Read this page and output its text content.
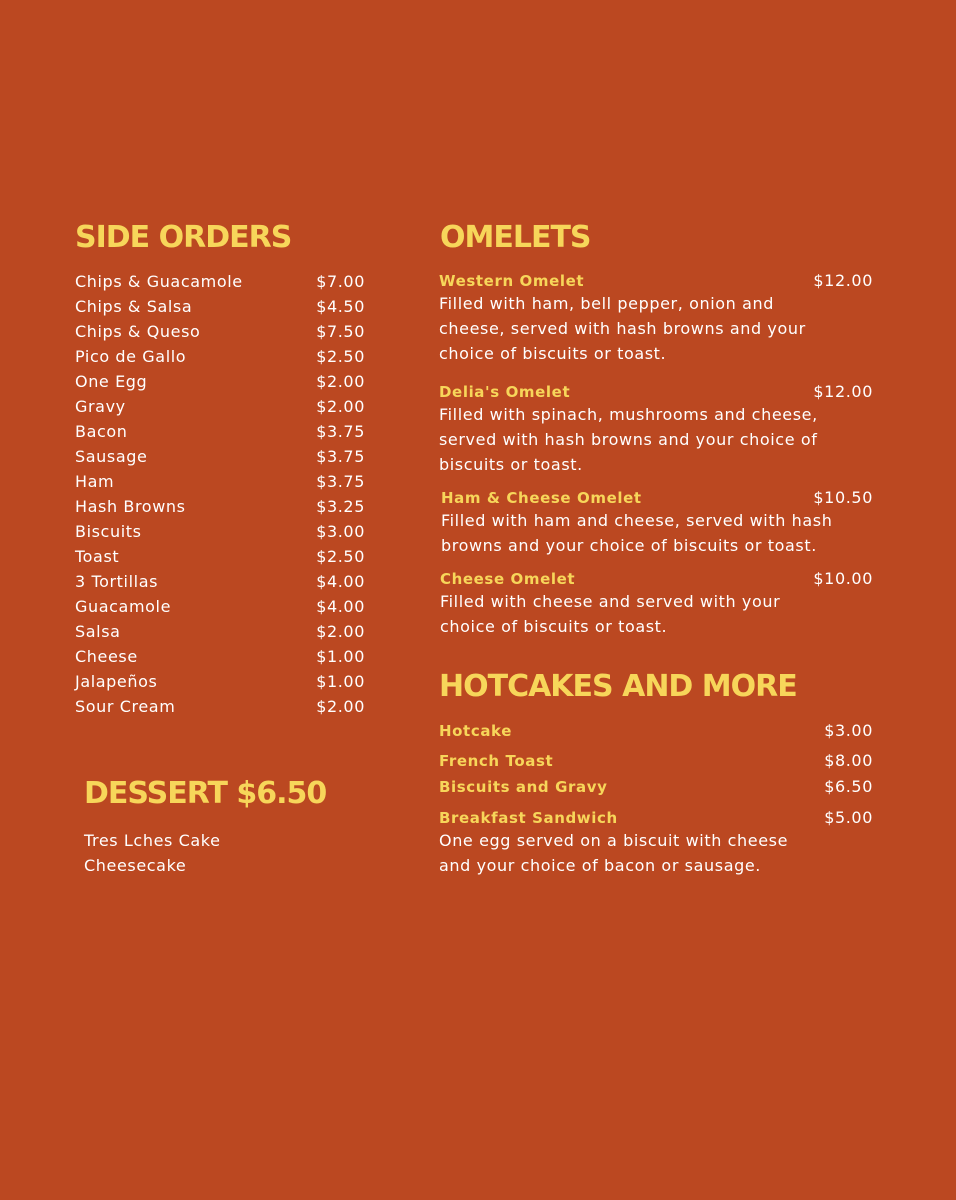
SIDE ORDERS
Chips & Guacamole	$7.00
Chips & Salsa	$4.50
Chips & Queso	$7.50
Pico de Gallo	$2.50
One Egg	$2.00
Gravy	$2.00
Bacon	$3.75
Sausage	$3.75
Ham	$3.75
Hash Browns	$3.25
Biscuits	$3.00
Toast	$2.50
3 Tortillas	$4.00
Guacamole	$4.00
Salsa	$2.00
Cheese	$1.00
Jalapeños	$1.00
Sour Cream	$2.00
DESSERT $6.50
Tres Lches Cake
Cheesecake
OMELETS
Western Omelet	$12.00
Filled with ham, bell pepper, onion and cheese, served with hash browns and your choice of biscuits or toast.
Delia's Omelet	$12.00
Filled with spinach, mushrooms and cheese, served with hash browns and your choice of biscuits or toast.
Ham & Cheese Omelet	$10.50
Filled with ham and cheese, served with hash browns and your choice of biscuits or toast.
Cheese Omelet	$10.00
Filled with cheese and served with your choice of biscuits or toast.
HOTCAKES AND MORE
Hotcake	$3.00
French Toast	$8.00
Biscuits and Gravy	$6.50
Breakfast Sandwich	$5.00
One egg served on a biscuit with cheese and your choice of bacon or sausage.
